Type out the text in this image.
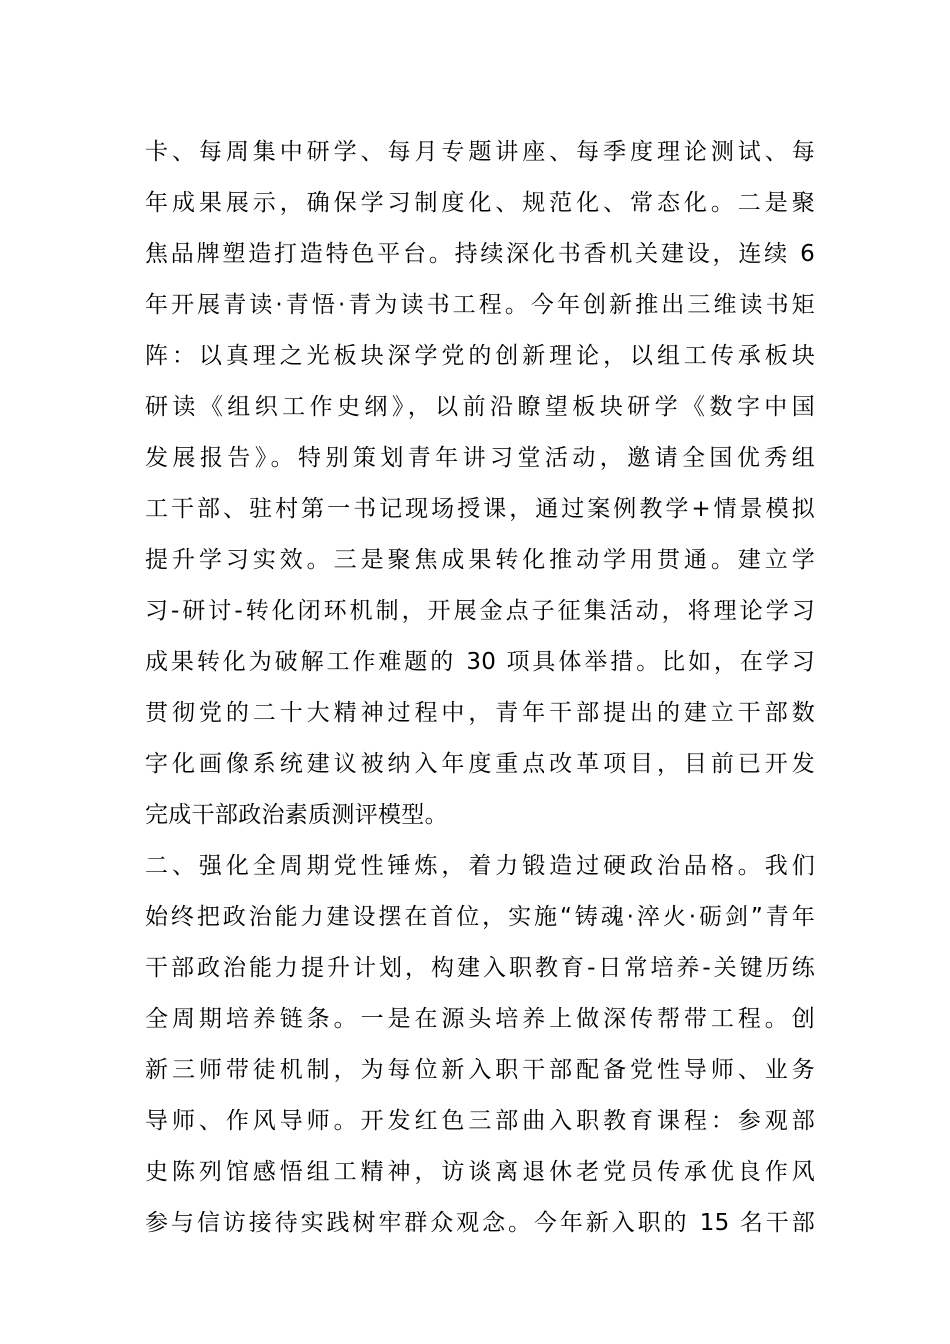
卡、每周集中研学、每月专题讲座、每季度理论测试、每
年成果展示，确保学习制度化、规范化、常态化。二是聚
焦品牌塑造打造特色平台。持续深化书香机关建设，连续 6
年开展青读·青悟·青为读书工程。今年创新推出三维读书矩
阵：以真理之光板块深学党的创新理论，以组工传承板块
研读《组织工作史纲》，以前沿瞭望板块研学《数字中国
发展报告》。特别策划青年讲习堂活动，邀请全国优秀组
工干部、驻村第一书记现场授课，通过案例教学+情景模拟
提升学习实效。三是聚焦成果转化推动学用贯通。建立学
习-研讨-转化闭环机制，开展金点子征集活动，将理论学习
成果转化为破解工作难题的 30 项具体举措。比如，在学习
贯彻党的二十大精神过程中，青年干部提出的建立干部数
字化画像系统建议被纳入年度重点改革项目，目前已开发
完成干部政治素质测评模型。
二、强化全周期党性锤炼，着力锻造过硬政治品格。我们
始终把政治能力建设摆在首位，实施“铸魂·淬火·砺剑”青年
干部政治能力提升计划，构建入职教育-日常培养-关键历练
全周期培养链条。一是在源头培养上做深传帮带工程。创
新三师带徒机制，为每位新入职干部配备党性导师、业务
导师、作风导师。开发红色三部曲入职教育课程：参观部
史陈列馆感悟组工精神，访谈离退休老党员传承优良作风
参与信访接待实践树牢群众观念。今年新入职的 15 名干部
